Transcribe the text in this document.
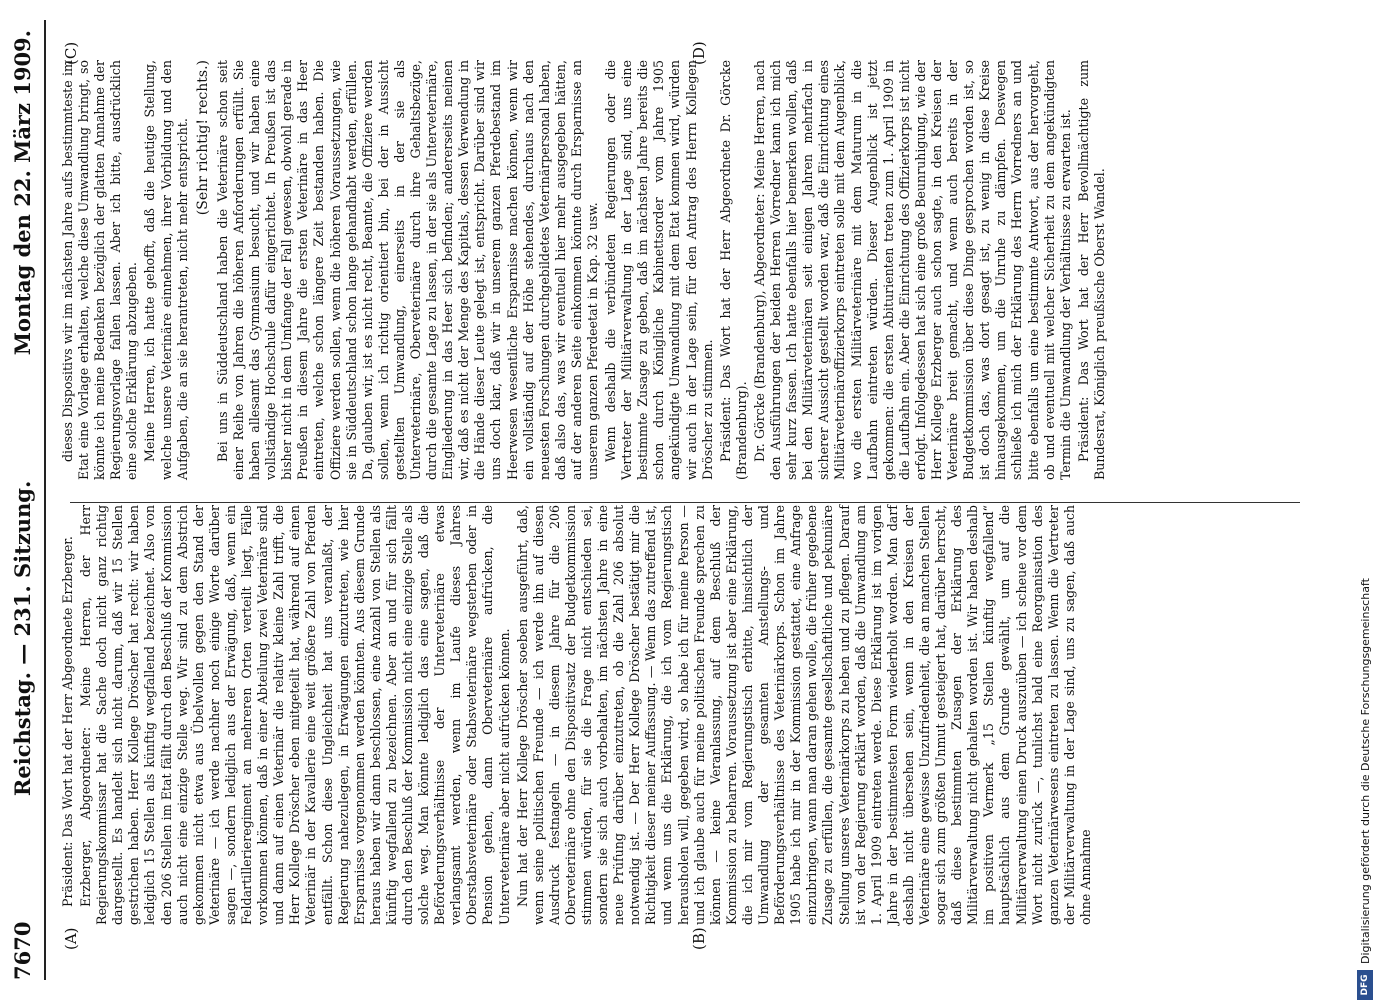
7670
Reichstag. — 231. Sitzung.
Montag den 22. März 1909.
(A)	(B)
(C)	(D)

Präsident: Das Wort hat der Herr Abgeordnete Erzberger. Erzberger, Abgeordneter: Meine Herren, der Herr Regierungskommissar hat die Sache doch nicht ganz richtig dargestellt. Es handelt sich nicht darum, daß wir 15 Stellen gestrichen haben. Herr Kollege Dröscher hat recht: wir haben lediglich 15 Stellen als künftig wegfallend bezeichnet. Also von den 206 Stellen im Etat fällt durch den Beschluß der Kommission auch nicht eine einzige Stelle weg. Wir sind zu dem Abstrich gekommen nicht etwa aus Übelwollen gegen den Stand der Veterinäre — ich werde nachher noch einige Worte darüber sagen —, sondern lediglich aus der Erwägung, daß, wenn ein Feldartillerieregiment an mehreren Orten verteilt liegt, Fälle vorkommen können, daß in einer Abteilung zwei Veterinäre sind und dann auf einen Veterinär die relativ kleine Zahl trifft, die Herr Kollege Dröscher eben mitgeteilt hat, während auf einen Veterinär in der Kavallerie eine weit größere Zahl von Pferden entfällt. Schon diese Ungleichheit hat uns veranlaßt, der Regierung nahezulegen, in Erwägungen einzutreten, wie hier Ersparnisse vorgenommen werden könnten. Aus diesem Grunde heraus haben wir dann beschlossen, eine Anzahl von Stellen als künftig wegfallend zu bezeichnen. Aber an und für sich fällt durch den Beschluß der Kommission nicht eine einzige Stelle als solche weg. Man könnte lediglich das eine sagen, daß die Beförderungsverhältnisse der Unterveterinäre etwas verlangsamt werden, wenn im Laufe dieses Jahres Oberstabsveterinäre oder Stabsveterinäre wegsterben oder in Pension gehen, dann Oberveterinäre aufrücken, die Unterveterinäre aber nicht aufrücken können. Nun hat der Herr Kollege Dröscher soeben ausgeführt, daß, wenn seine politischen Freunde — ich werde ihn auf diesen Ausdruck festnageln — in diesem Jahre für die 206 Oberveterinäre ohne den Dispositivsatz der Budgetkommission stimmen würden, für sie die Frage nicht entschieden sei, sondern sie sich auch vorbehalten, im nächsten Jahre in eine neue Prüfung darüber einzutreten, ob die Zahl 206 absolut notwendig ist. — Der Herr Kollege Dröscher bestätigt mir die Richtigkeit dieser meiner Auffassung. — Wenn das zutreffend ist, und wenn uns die Erklärung, die ich vom Regierungstisch herausholen will, gegeben wird, so habe ich für meine Person — und ich glaube auch für meine politischen Freunde sprechen zu können — keine Veranlassung, auf dem Beschluß der Kommission zu beharren. Voraussetzung ist aber eine Erklärung, die ich mir vom Regierungstisch erbitte, hinsichtlich der Umwandlung der gesamten Anstellungs- und Beförderungsverhältnisse des Veterinärkorps. Schon im Jahre 1905 habe ich mir in der Kommission gestattet, eine Anfrage einzubringen, wann man daran gehen wolle, die früher gegebene Zusage zu erfüllen, die gesamte gesellschaftliche und pekuniäre Stellung unseres Veterinärkorps zu heben und zu pflegen. Darauf ist von der Regierung erklärt worden, daß die Umwandlung am 1. April 1909 eintreten werde. Diese Erklärung ist im vorigen Jahre in der bestimmtesten Form wiederholt worden. Man darf deshalb nicht übersehen sein, wenn in den Kreisen der Veterinäre eine gewisse Unzufriedenheit, die an manchen Stellen sogar sich zum größten Unmut gesteigert hat, darüber herrscht, daß diese bestimmten Zusagen der Erklärung des Militärverwaltung nicht gehalten worden ist. Wir haben deshalb im positiven Vermerk „15 Stellen künftig wegfallend“ hauptsächlich aus dem Grunde gewählt, um auf die Militärverwaltung einen Druck auszuüben — ich scheue vor dem Wort nicht zurück —, tunlichst bald eine Reorganisation des ganzen Veterinärwesens eintreten zu lassen. Wenn die Vertreter der Militärverwaltung in der Lage sind, uns zu sagen, daß auch ohne Annahme

dieses Dispositivs wir im nächsten Jahre aufs bestimmteste im Etat eine Vorlage erhalten, welche diese Umwandlung bringt, so könnte ich meine Bedenken bezüglich der glatten Annahme der Regierungsvorlage fallen lassen. Aber ich bitte, ausdrücklich eine solche Erklärung abzugeben. Meine Herren, ich hatte gehofft, daß die heutige Stellung, welche unsere Veterinäre einnehmen, ihrer Vorbildung und den Aufgaben, die an sie herantreten, nicht mehr entspricht. (Sehr richtig! rechts.) Bei uns in Süddeutschland haben die Veterinäre schon seit einer Reihe von Jahren die höheren Anforderungen erfüllt. Sie haben allesamt das Gymnasium besucht, und wir haben eine vollständige Hochschule dafür eingerichtet. In Preußen ist das bisher nicht in dem Umfange der Fall gewesen, obwohl gerade in Preußen in diesem Jahre die ersten Veterinäre in das Heer eintreten, welche schon längere Zeit bestanden haben. Die Offiziere werden sollen, wenn die höheren Voraussetzungen, wie sie in Süddeutschland schon lange gehandhabt werden, erfüllen. Da, glauben wir, ist es nicht recht, Beamte, die Offiziere werden sollen, wenn ich richtig orientiert bin, bei der in Aussicht gestellten Umwandlung, einerseits in der sie als Unterveterinäre, Oberveterinäre durch ihre Gehaltsbezüge, durch die gesamte Lage zu lassen, in der sie als Unterveterinäre, Eingliederung in das Heer sich befinden; andererseits meinen wir, daß es nicht der Menge des Kapitals, dessen Verwendung in die Hände dieser Leute gelegt ist, entspricht. Darüber sind wir uns doch klar, daß wir in unserem ganzen Pferdebestand im Heerwesen wesentliche Ersparnisse machen können, wenn wir ein vollständig auf der Höhe stehendes, durchaus nach den neuesten Forschungen durchgebildetes Veterinärpersonal haben, daß also das, was wir eventuell hier mehr ausgegeben hätten, auf der anderen Seite einkommen könnte durch Ersparnisse an unserem ganzen Pferdeetat in Kap. 32 usw. Wenn deshalb die verbündeten Regierungen oder die Vertreter der Militärverwaltung in der Lage sind, uns eine bestimmte Zusage zu geben, daß im nächsten Jahre bereits die schon durch Königliche Kabinettsorder vom Jahre 1905 angekündigte Umwandlung mit dem Etat kommen wird, würden wir auch in der Lage sein, für den Antrag des Herrn Kollegen Dröscher zu stimmen. Präsident: Das Wort hat der Herr Abgeordnete Dr. Görcke (Brandenburg). Dr. Görcke (Brandenburg), Abgeordneter: Meine Herren, nach den Ausführungen der beiden Herren Vorredner kann ich mich sehr kurz fassen. Ich hatte ebenfalls hier bemerken wollen, daß bei den Militärveterinären seit einigen Jahren mehrfach in sicherer Aussicht gestellt worden war, daß die Einrichtung eines Militärveterinäroffizierkorps eintreten solle mit dem Augenblick, wo die ersten Militärveterinäre mit dem Maturum in die Laufbahn eintreten würden. Dieser Augenblick ist jetzt gekommen: die ersten Abiturienten treten zum 1. April 1909 in die Laufbahn ein. Aber die Einrichtung des Offizierkorps ist nicht erfolgt. Infolgedessen hat sich eine große Beunruhigung, wie der Herr Kollege Erzberger auch schon sagte, in den Kreisen der Veterinäre breit gemacht, und wenn auch bereits in der Budgetkommission über diese Dinge gesprochen worden ist, so ist doch das, was dort gesagt ist, zu wenig in diese Kreise hinausgekommen, um die Unruhe zu dämpfen. Deswegen schließe ich mich der Erklärung des Herrn Vorredners an und bitte ebenfalls um eine bestimmte Antwort, aus der hervorgeht, ob und eventuell mit welcher Sicherheit zu dem angekündigten Termin die Umwandlung der Verhältnisse zu erwarten ist. Präsident: Das Wort hat der Herr Bevollmächtigte zum Bundesrat, Königlich preußische Oberst Wandel.

DFG
Digitalisierung gefördert durch die Deutsche Forschungsgemeinschaft
